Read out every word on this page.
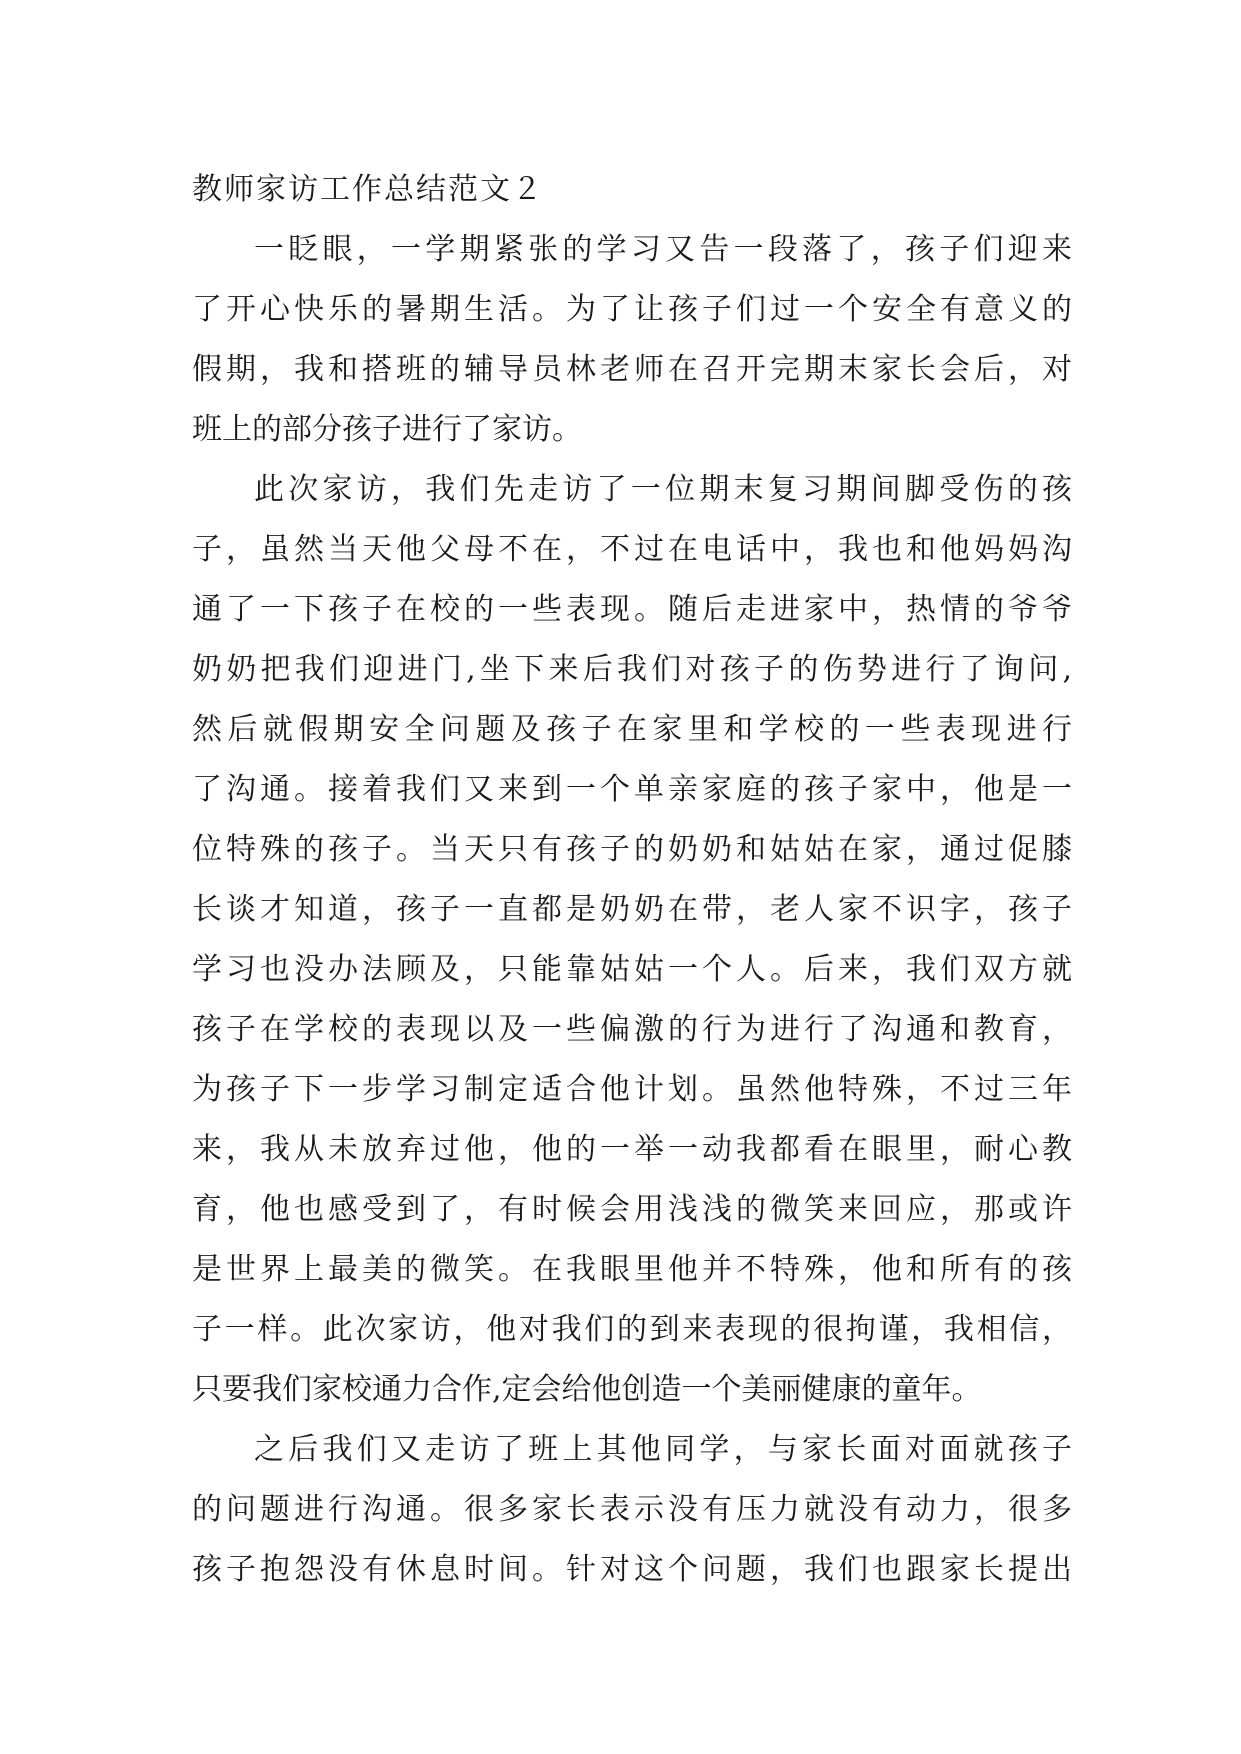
教师家访工作总结范文２
一眨眼，一学期紧张的学习又告一段落了，孩子们迎来
了开心快乐的暑期生活。为了让孩子们过一个安全有意义的
假期，我和搭班的辅导员林老师在召开完期末家长会后，对
班上的部分孩子进行了家访。
此次家访，我们先走访了一位期末复习期间脚受伤的孩
子，虽然当天他父母不在，不过在电话中，我也和他妈妈沟
通了一下孩子在校的一些表现。随后走进家中，热情的爷爷
奶奶把我们迎进门,坐下来后我们对孩子的伤势进行了询问,
然后就假期安全问题及孩子在家里和学校的一些表现进行
了沟通。接着我们又来到一个单亲家庭的孩子家中，他是一
位特殊的孩子。当天只有孩子的奶奶和姑姑在家，通过促膝
长谈才知道，孩子一直都是奶奶在带，老人家不识字，孩子
学习也没办法顾及，只能靠姑姑一个人。后来，我们双方就
孩子在学校的表现以及一些偏激的行为进行了沟通和教育，
为孩子下一步学习制定适合他计划。虽然他特殊，不过三年
来，我从未放弃过他，他的一举一动我都看在眼里，耐心教
育，他也感受到了，有时候会用浅浅的微笑来回应，那或许
是世界上最美的微笑。在我眼里他并不特殊，他和所有的孩
子一样。此次家访，他对我们的到来表现的很拘谨，我相信，
只要我们家校通力合作,定会给他创造一个美丽健康的童年。
之后我们又走访了班上其他同学，与家长面对面就孩子
的问题进行沟通。很多家长表示没有压力就没有动力，很多
孩子抱怨没有休息时间。针对这个问题，我们也跟家长提出
